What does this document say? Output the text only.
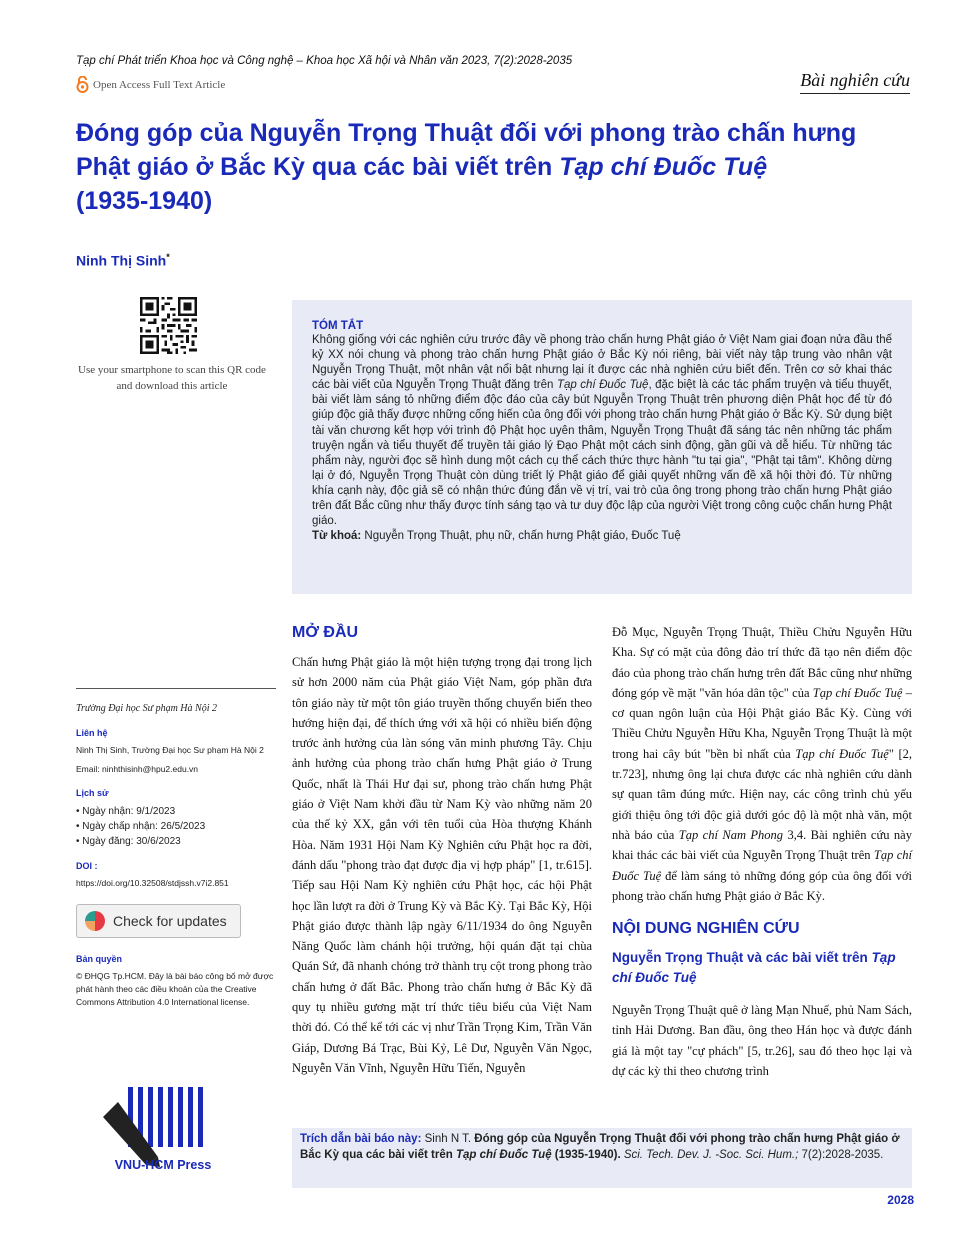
Tạp chí Phát triển Khoa học và Công nghệ – Khoa học Xã hội và Nhân văn 2023, 7(2):2028-2035
Open Access Full Text Article	Bài nghiên cứu
Đóng góp của Nguyễn Trọng Thuật đối với phong trào chấn hưng
Phật giáo ở Bắc Kỳ qua các bài viết trên Tạp chí Đuốc Tuệ
(1935-1940)
Ninh Thị Sinh*
Use your smartphone to scan this QR code and download this article
TÓM TẮT

Không giống với các nghiên cứu trước đây về phong trào chấn hưng Phật giáo ở Việt Nam giai đoạn nửa đầu thế kỷ XX nói chung và phong trào chấn hưng Phật giáo ở Bắc Kỳ nói riêng, bài viết này tập trung vào nhân vật Nguyễn Trọng Thuật, một nhân vật nổi bật nhưng lại ít được các nhà nghiên cứu biết đến. Trên cơ sở khai thác các bài viết của Nguyễn Trọng Thuật đăng trên Tạp chí Đuốc Tuệ, đặc biệt là các tác phẩm truyện và tiểu thuyết, bài viết làm sáng tỏ những điểm độc đáo của cây bút Nguyễn Trọng Thuật trên phương diện Phật học để từ đó giúp độc giả thấy được những cống hiến của ông đối với phong trào chấn hưng Phật giáo ở Bắc Kỳ. Sử dụng biệt tài văn chương kết hợp với trình độ Phật học uyên thâm, Nguyễn Trọng Thuật đã sáng tác nên những tác phẩm truyện ngắn và tiểu thuyết để truyền tải giáo lý Đạo Phật một cách sinh động, gần gũi và dễ hiểu. Từ những tác phẩm này, người đọc sẽ hình dung một cách cụ thể cách thức thực hành "tu tại gia", "Phật tại tâm". Không dừng lại ở đó, Nguyễn Trọng Thuật còn dùng triết lý Phật giáo để giải quyết những vấn đề xã hội thời đó. Từ những khía cạnh này, độc giả sẽ có nhận thức đúng đắn về vị trí, vai trò của ông trong phong trào chấn hưng Phật giáo trên đất Bắc cũng như thấy được tính sáng tạo và tư duy độc lập của người Việt trong công cuộc chấn hưng Phật giáo.

Từ khoá: Nguyễn Trọng Thuật, phụ nữ, chấn hưng Phật giáo, Đuốc Tuệ

Trường Đại học Sư phạm Hà Nội 2
Liên hệ
Ninh Thị Sinh, Trường Đại học Sư phạm Hà Nội 2
Email: ninhthisinh@hpu2.edu.vn
Lịch sử
• Ngày nhận: 9/1/2023
• Ngày chấp nhận: 26/5/2023
• Ngày đăng: 30/6/2023
DOI :
https://doi.org/10.32508/stdjssh.v7i2.851
Check for updates
Bản quyền
© ĐHQG Tp.HCM. Đây là bài báo công bố mở được phát hành theo các điều khoản của the Creative Commons Attribution 4.0 International license.
VNU-HCM Press
MỞ ĐẦU

Chấn hưng Phật giáo là một hiện tượng trọng đại trong lịch sử hơn 2000 năm của Phật giáo Việt Nam, góp phần đưa tôn giáo này từ một tôn giáo truyền thống chuyển biến theo hướng hiện đại, để thích ứng với xã hội có nhiều biến động trước ảnh hưởng của làn sóng văn minh phương Tây. Chịu ảnh hưởng của phong trào chấn hưng Phật giáo ở Trung Quốc, nhất là Thái Hư đại sư, phong trào chấn hưng Phật giáo ở Việt Nam khởi đầu từ Nam Kỳ vào những năm 20 của thế kỷ XX, gắn với tên tuổi của Hòa thượng Khánh Hòa. Năm 1931 Hội Nam Kỳ Nghiên cứu Phật học ra đời, đánh dấu "phong trào đạt được địa vị hợp pháp" [1, tr.615]. Tiếp sau Hội Nam Kỳ nghiên cứu Phật học, các hội Phật học lần lượt ra đời ở Trung Kỳ và Bắc Kỳ. Tại Bắc Kỳ, Hội Phật giáo được thành lập ngày 6/11/1934 do ông Nguyễn Năng Quốc làm chánh hội trưởng, hội quán đặt tại chùa Quán Sứ, đã nhanh chóng trở thành trụ cột trong phong trào chấn hưng ở đất Bắc. Phong trào chấn hưng ở Bắc Kỳ đã quy tụ nhiều gương mặt trí thức tiêu biểu của Việt Nam thời đó. Có thể kể tới các vị như Trần Trọng Kim, Trần Văn Giáp, Dương Bá Trạc, Bùi Kỷ, Lê Dư, Nguyễn Văn Ngọc, Nguyễn Văn Vĩnh, Nguyễn Hữu Tiến, Nguyễn

Đỗ Mục, Nguyễn Trọng Thuật, Thiều Chửu Nguyễn Hữu Kha. Sự có mặt của đông đảo trí thức đã tạo nên điểm độc đáo của phong trào chấn hưng trên đất Bắc cũng như những đóng góp về mặt "văn hóa dân tộc" của Tạp chí Đuốc Tuệ – cơ quan ngôn luận của Hội Phật giáo Bắc Kỳ. Cùng với Thiều Chửu Nguyễn Hữu Kha, Nguyễn Trọng Thuật là một trong hai cây bút "bền bỉ nhất của Tạp chí Đuốc Tuệ" [2, tr.723], nhưng ông lại chưa được các nhà nghiên cứu dành sự quan tâm đúng mức. Hiện nay, các công trình chủ yếu giới thiệu ông tới độc giả dưới góc độ là một nhà văn, một nhà báo của Tạp chí Nam Phong 3,4. Bài nghiên cứu này khai thác các bài viết của Nguyễn Trọng Thuật trên Tạp chí Đuốc Tuệ để làm sáng tỏ những đóng góp của ông đối với phong trào chấn hưng Phật giáo ở Bắc Kỳ.

NỘI DUNG NGHIÊN CỨU
Nguyễn Trọng Thuật và các bài viết trên Tạp chí Đuốc Tuệ

Nguyễn Trọng Thuật quê ở làng Mạn Nhuế, phủ Nam Sách, tỉnh Hải Dương. Ban đầu, ông theo Hán học và được đánh giá là một tay "cự phách" [5, tr.26], sau đó theo học lại và dự các kỳ thi theo chương trình

Trích dẫn bài báo này: Sinh N T. Đóng góp của Nguyễn Trọng Thuật đối với phong trào chấn hưng Phật giáo ở Bắc Kỳ qua các bài viết trên Tạp chí Đuốc Tuệ (1935-1940). Sci. Tech. Dev. J. -Soc. Sci. Hum.; 7(2):2028-2035.
2028
